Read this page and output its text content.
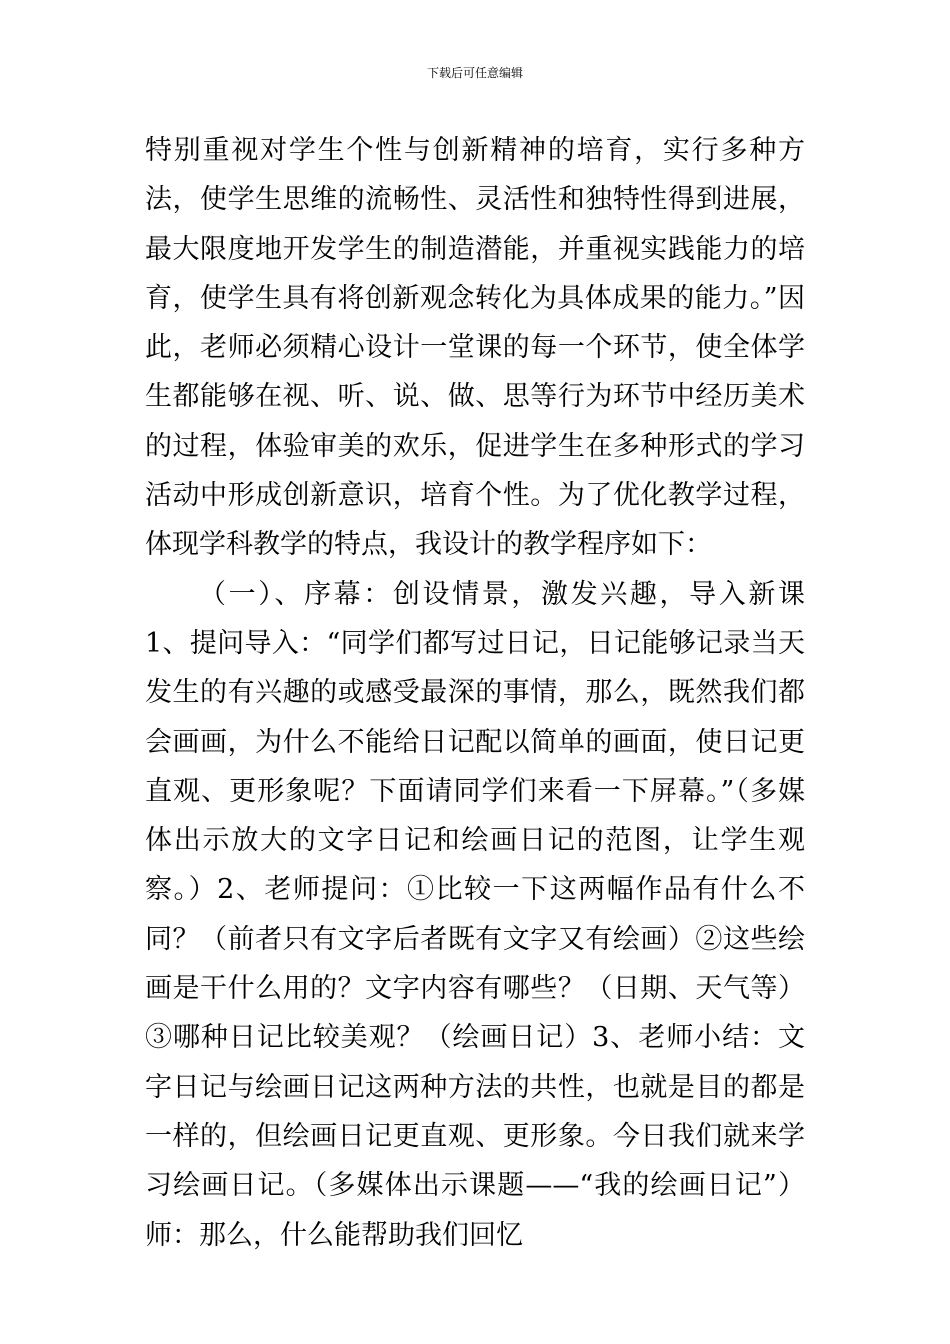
下载后可任意编辑

特别重视对学生个性与创新精神的培育，实行多种方法，使学生思维的流畅性、灵活性和独特性得到进展，最大限度地开发学生的制造潜能，并重视实践能力的培育，使学生具有将创新观念转化为具体成果的能力。”因此，老师必须精心设计一堂课的每一个环节，使全体学生都能够在视、听、说、做、思等行为环节中经历美术的过程，体验审美的欢乐，促进学生在多种形式的学习活动中形成创新意识，培育个性。为了优化教学过程，体现学科教学的特点，我设计的教学程序如下：

（一）、序幕：创设情景，激发兴趣，导入新课 1、提问导入：“同学们都写过日记，日记能够记录当天发生的有兴趣的或感受最深的事情，那么，既然我们都会画画，为什么不能给日记配以简单的画面，使日记更直观、更形象呢？下面请同学们来看一下屏幕。”（多媒体出示放大的文字日记和绘画日记的范图，让学生观察。）2、老师提问：①比较一下这两幅作品有什么不同？（前者只有文字后者既有文字又有绘画）②这些绘画是干什么用的？文字内容有哪些？（日期、天气等）③哪种日记比较美观？（绘画日记）3、老师小结：文字日记与绘画日记这两种方法的共性，也就是目的都是一样的，但绘画日记更直观、更形象。今日我们就来学习绘画日记。（多媒体出示课题——“我的绘画日记”）师：那么，什么能帮助我们回忆
